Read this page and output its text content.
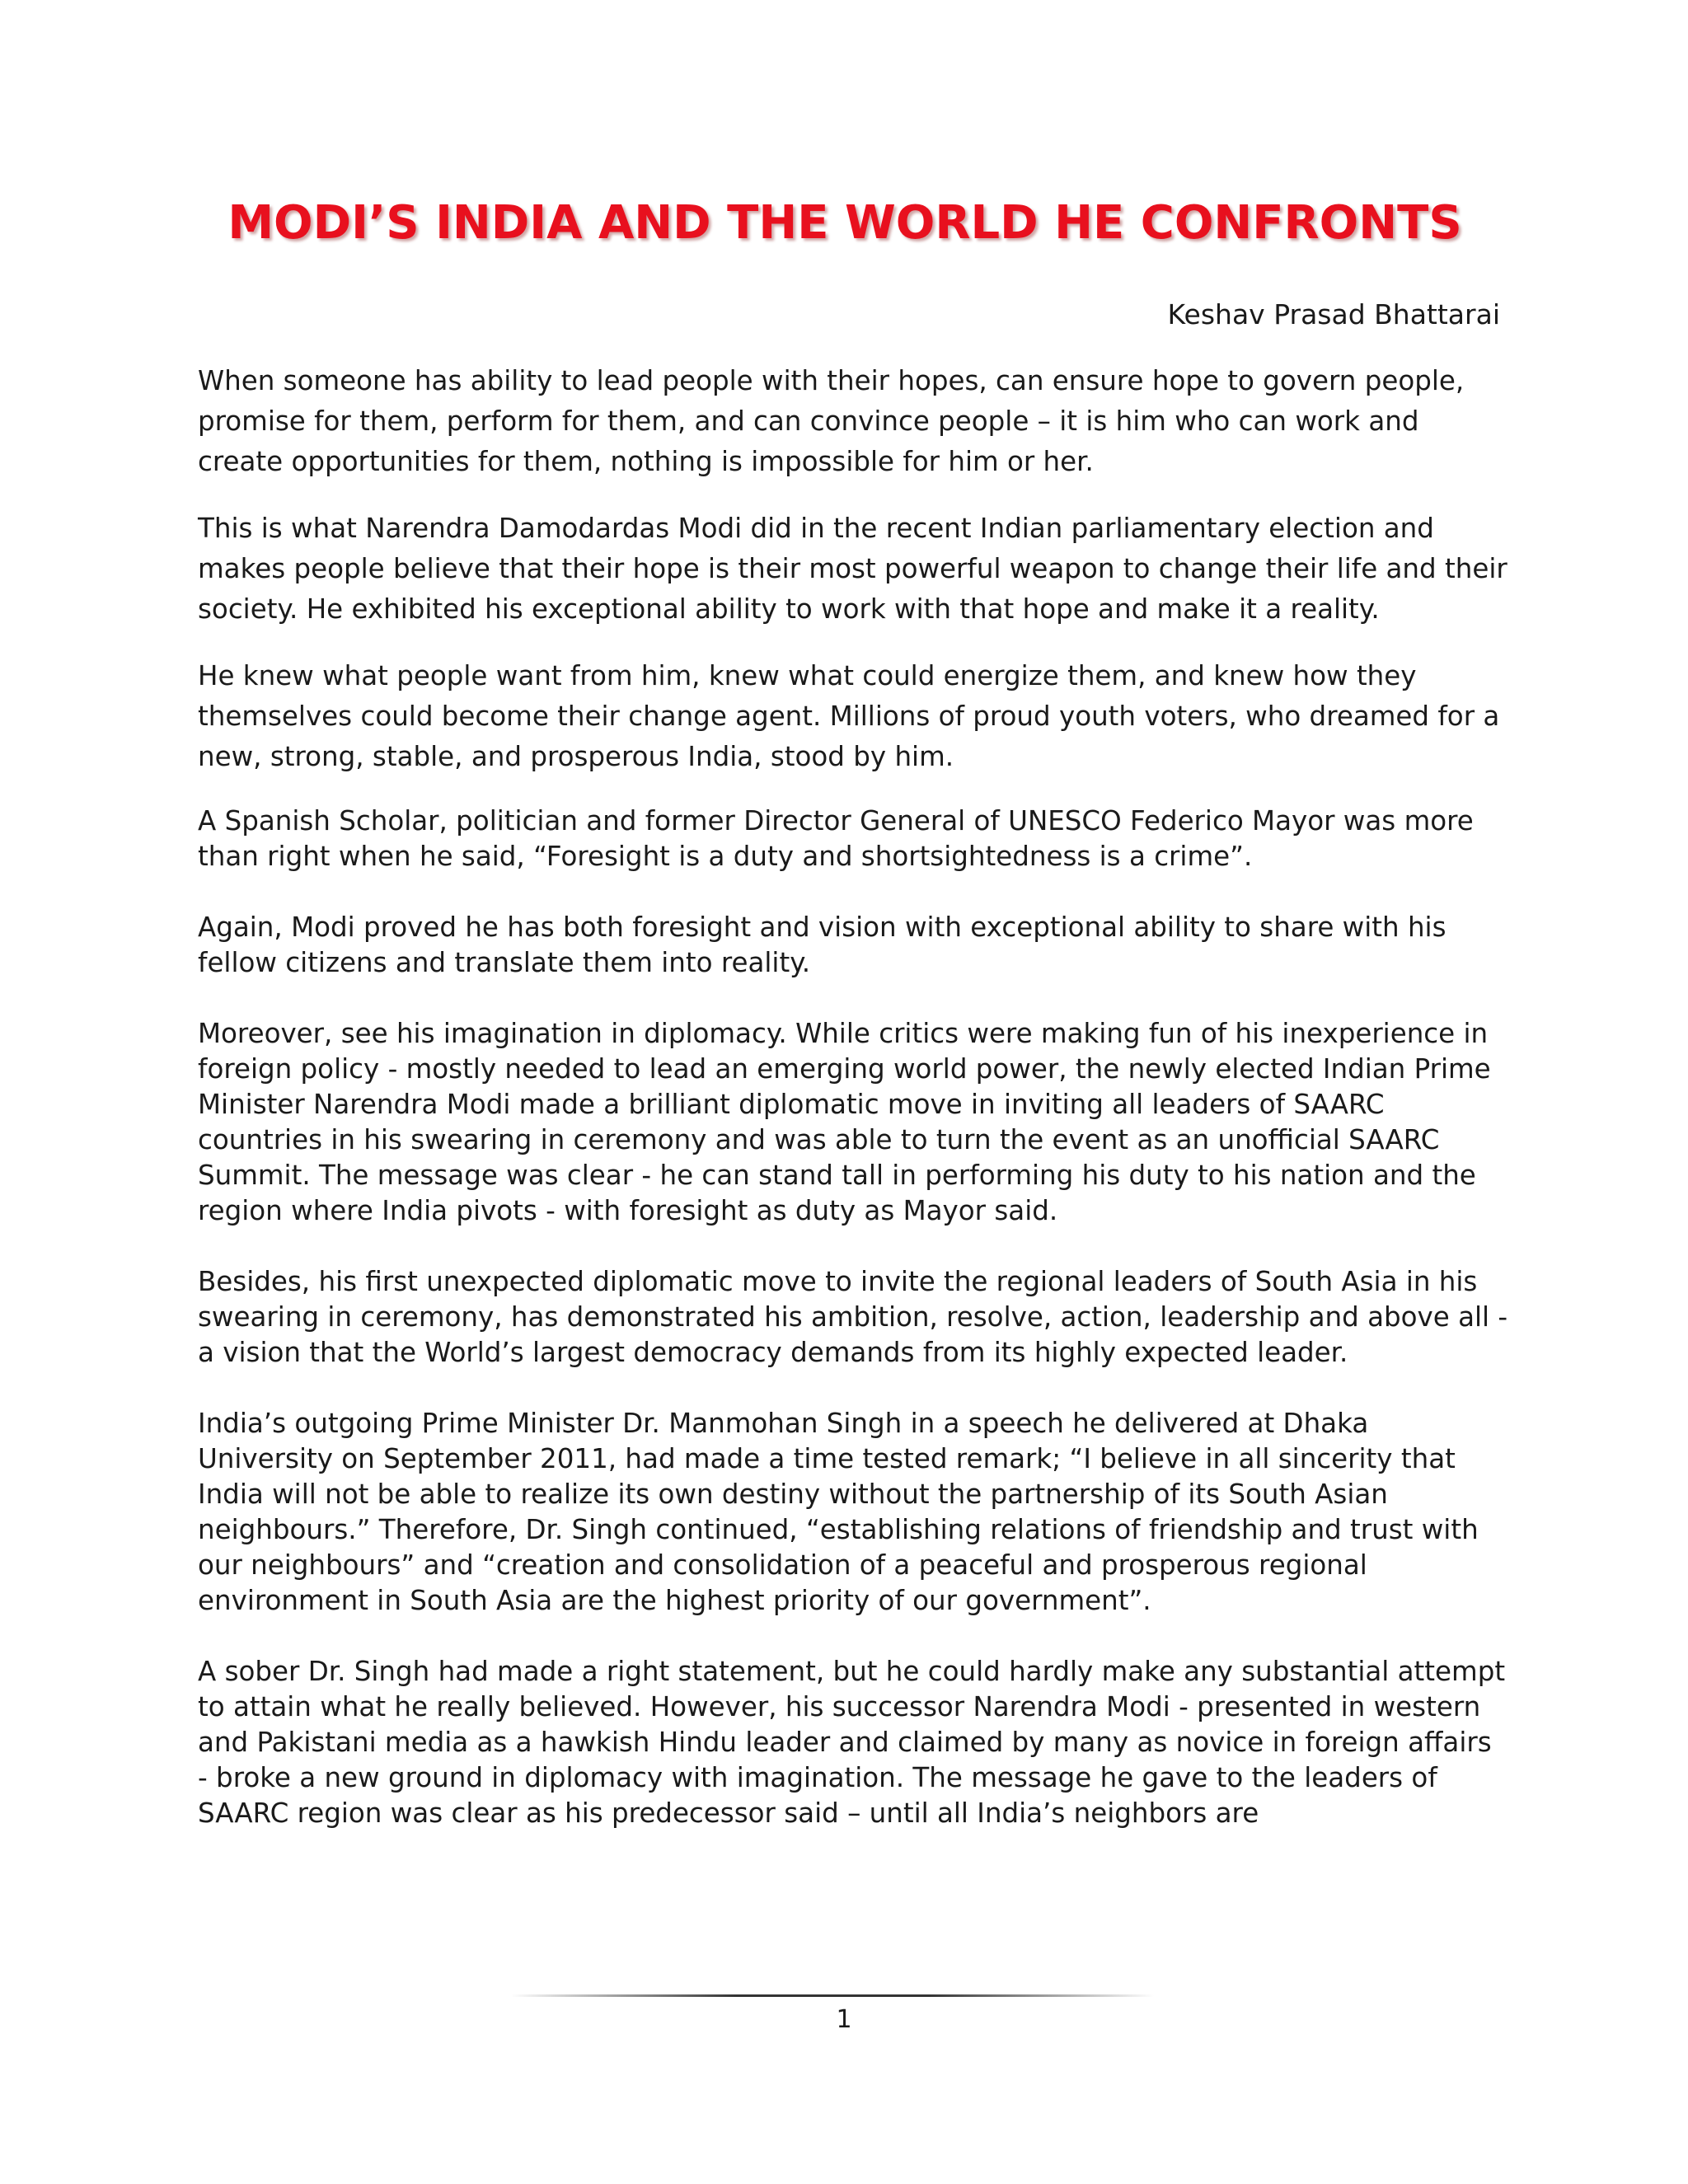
MODI’S INDIA AND THE WORLD HE CONFRONTS

Keshav Prasad Bhattarai

When someone has ability to lead people with their hopes, can ensure hope to govern people, promise for them, perform for them, and can convince people – it is him who can work and create opportunities for them, nothing is impossible for him or her.

This is what Narendra Damodardas Modi did in the recent Indian parliamentary election and makes people believe that their hope is their most powerful weapon to change their life and their society. He exhibited his exceptional ability to work with that hope and make it a reality.

He knew what people want from him, knew what could energize them, and knew how they themselves could become their change agent. Millions of proud youth voters, who dreamed for a new, strong, stable, and prosperous India, stood by him.

A Spanish Scholar, politician and former Director General of UNESCO Federico Mayor was more than right when he said, “Foresight is a duty and shortsightedness is a crime”.

Again, Modi proved he has both foresight and vision with exceptional ability to share with his fellow citizens and translate them into reality.

Moreover, see his imagination in diplomacy. While critics were making fun of his inexperience in foreign policy - mostly needed to lead an emerging world power, the newly elected Indian Prime Minister Narendra Modi made a brilliant diplomatic move in inviting all leaders of SAARC countries in his swearing in ceremony and was able to turn the event as an unofficial SAARC Summit. The message was clear - he can stand tall in performing his duty to his nation and the region where India pivots - with foresight as duty as Mayor said.

Besides, his first unexpected diplomatic move to invite the regional leaders of South Asia in his swearing in ceremony, has demonstrated his ambition, resolve, action, leadership and above all - a vision that the World’s largest democracy demands from its highly expected leader.

India’s outgoing Prime Minister Dr. Manmohan Singh in a speech he delivered at Dhaka University on September 2011, had made a time tested remark; “I believe in all sincerity that India will not be able to realize its own destiny without the partnership of its South Asian neighbours.” Therefore, Dr. Singh continued, “establishing relations of friendship and trust with our neighbours” and “creation and consolidation of a peaceful and prosperous regional environment in South Asia are the highest priority of our government”.

A sober Dr. Singh had made a right statement, but he could hardly make any substantial attempt to attain what he really believed. However, his successor Narendra Modi - presented in western and Pakistani media as a hawkish Hindu leader and claimed by many as novice in foreign affairs - broke a new ground in diplomacy with imagination. The message he gave to the leaders of SAARC region was clear as his predecessor said – until all India’s neighbors are

1
